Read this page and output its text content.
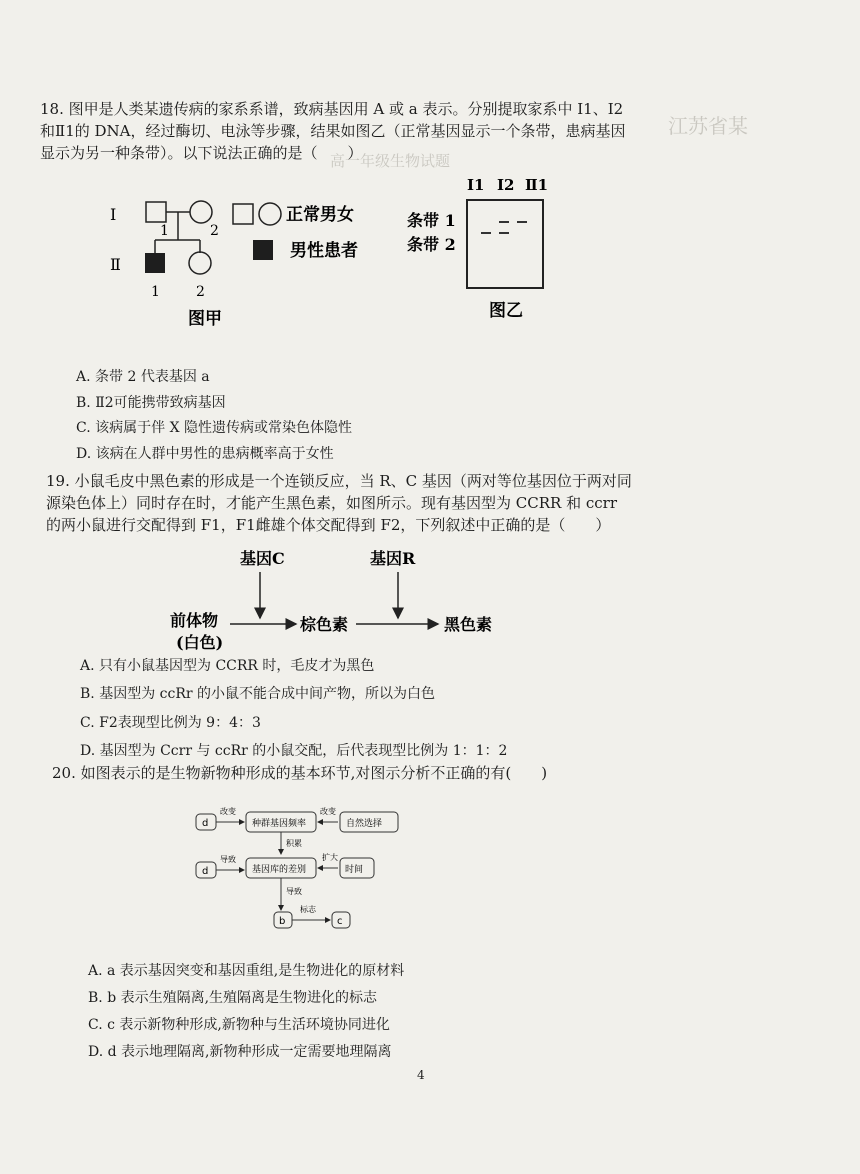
江苏省某
高一年级生物试题
18. 图甲是人类某遗传病的家系系谱，致病基因用 A 或 a 表示。分别提取家系中 Ⅰ1、Ⅰ2和Ⅱ1的 DNA，经过酶切、电泳等步骤，结果如图乙（正常基因显示一个条带，患病基因显示为另一种条带）。以下说法正确的是（　　）
Ⅰ
Ⅱ
1	2
1	2
正常男女
男性患者
图甲
Ⅰ1 Ⅰ2 Ⅱ1
条带 1
条带 2
图乙
A. 条带 2 代表基因 a
B. Ⅱ2可能携带致病基因
C. 该病属于伴 X 隐性遗传病或常染色体隐性
D. 该病在人群中男性的患病概率高于女性
19. 小鼠毛皮中黑色素的形成是一个连锁反应，当 R、C 基因（两对等位基因位于两对同源染色体上）同时存在时，才能产生黑色素，如图所示。现有基因型为 CCRR 和 ccrr 的两小鼠进行交配得到 F1，F1雌雄个体交配得到 F2，下列叙述中正确的是（　　）
基因C	基因R
前体物
(白色)
棕色素	黑色素
A. 只有小鼠基因型为 CCRR 时，毛皮才为黑色
B. 基因型为 ccRr 的小鼠不能合成中间产物，所以为白色
C. F2表现型比例为 9：4：3
D. 基因型为 Ccrr 与 ccRr 的小鼠交配，后代表现型比例为 1：1：2
20. 如图表示的是生物新物种形成的基本环节,对图示分析不正确的有(　　)
d
改变
种群基因频率
改变
自然选择
积累
d
导致
基因库的差别
扩大
时间
导致
b
标志
c
A. a 表示基因突变和基因重组,是生物进化的原材料
B. b 表示生殖隔离,生殖隔离是生物进化的标志
C. c 表示新物种形成,新物种与生活环境协同进化
D. d 表示地理隔离,新物种形成一定需要地理隔离
4
